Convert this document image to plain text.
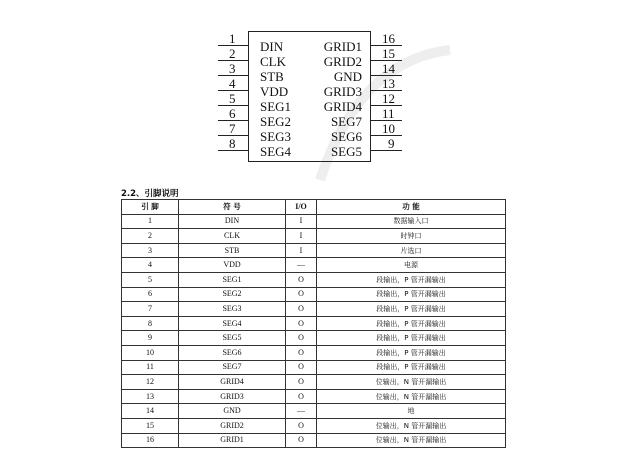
1
2
3
4
5
6
7
8
DIN
CLK
STB
VDD
SEG1
SEG2
SEG3
SEG4
GRID1
GRID2
GND
GRID3
GRID4
SEG7
SEG6
SEG5
16
15
14
13
12
11
10
9
2.2、引脚说明
引 脚	符 号	I/O	功 能
1	DIN	I	数据输入口
2	CLK	I	时钟口
3	STB	I	片选口
4	VDD	—	电源
5	SEG1	O	段输出，P 管开漏输出
6	SEG2	O	段输出，P 管开漏输出
7	SEG3	O	段输出，P 管开漏输出
8	SEG4	O	段输出，P 管开漏输出
9	SEG5	O	段输出，P 管开漏输出
10	SEG6	O	段输出，P 管开漏输出
11	SEG7	O	段输出，P 管开漏输出
12	GRID4	O	位输出，N 管开漏输出
13	GRID3	O	位输出，N 管开漏输出
14	GND	—	地
15	GRID2	O	位输出，N 管开漏输出
16	GRID1	O	位输出，N 管开漏输出
